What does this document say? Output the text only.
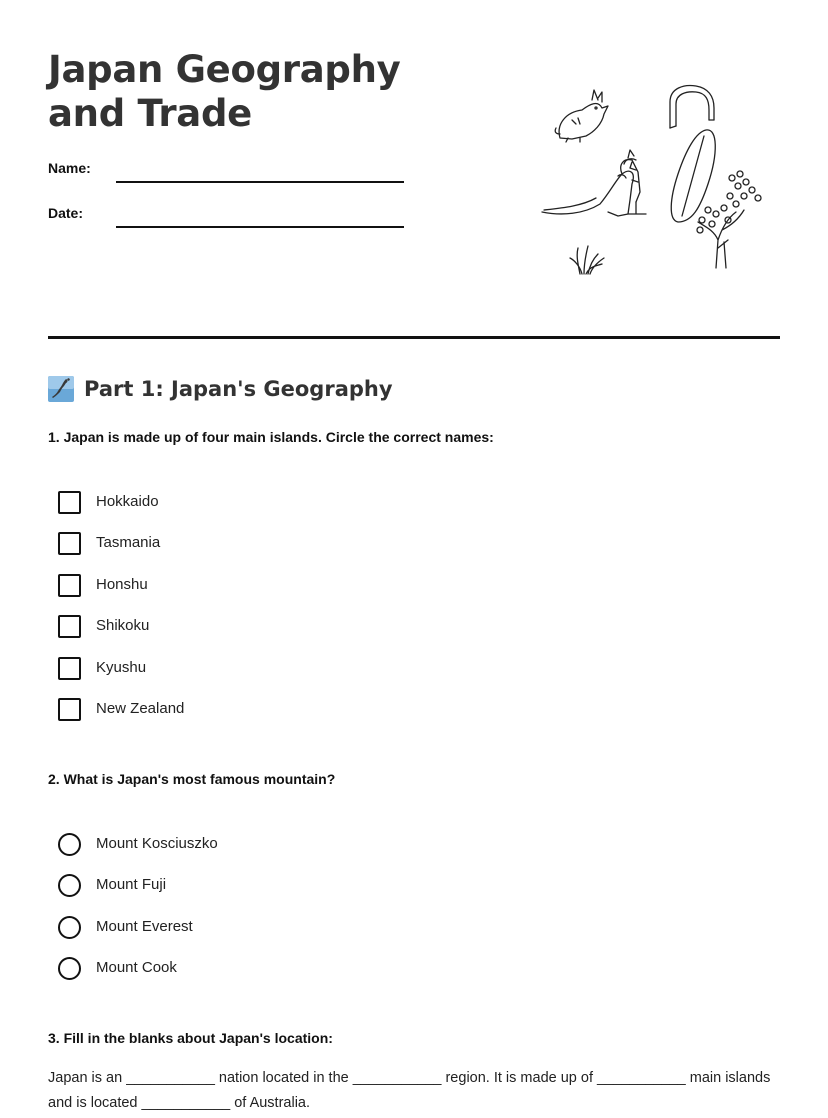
Japan Geography and Trade
Name:
Date:
Part 1: Japan's Geography
1. Japan is made up of four main islands. Circle the correct names:
Hokkaido
Tasmania
Honshu
Shikoku
Kyushu
New Zealand
2. What is Japan's most famous mountain?
Mount Kosciuszko
Mount Fuji
Mount Everest
Mount Cook
3. Fill in the blanks about Japan's location:
Japan is an ___________ nation located in the ___________ region. It is made up of ___________ main islands and is located ___________ of Australia.
